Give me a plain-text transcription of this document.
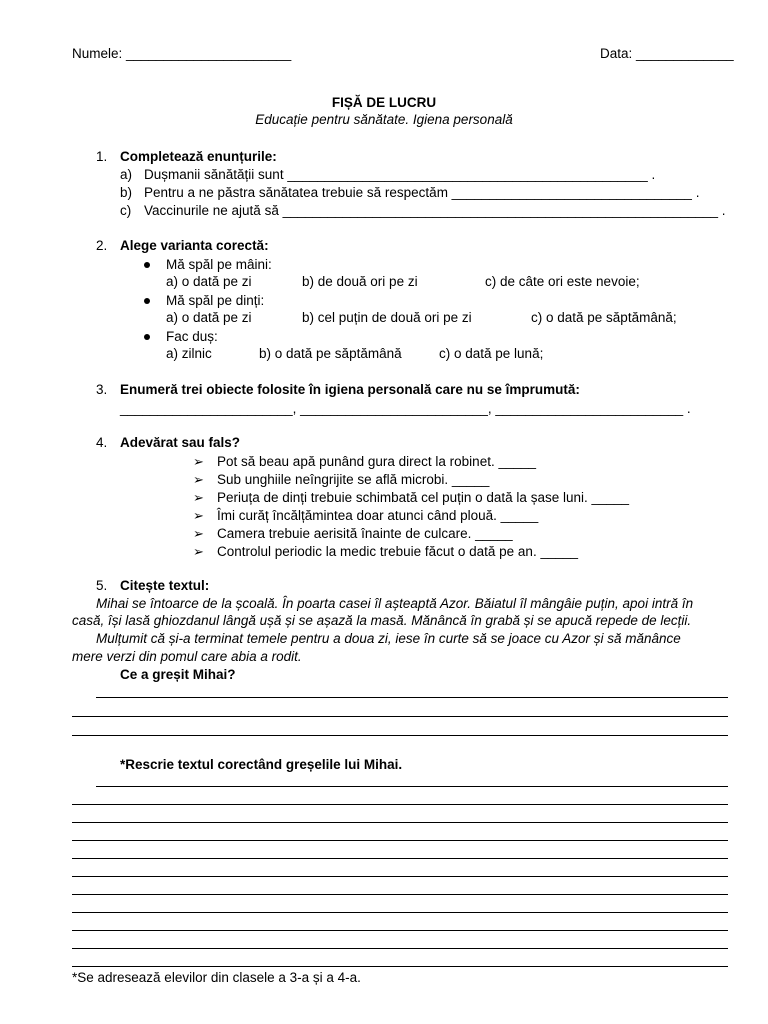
Numele: ______________________	Data: _____________
FIȘĂ DE LUCRU
Educație pentru sănătate. Igiena personală
1. Completează enunțurile:
a) Dușmanii sănătății sunt ________________________________________________ .
b) Pentru a ne păstra sănătatea trebuie să respectăm ________________________________ .
c) Vaccinurile ne ajută să __________________________________________________________ .
2. Alege varianta corectă:
Mă spăl pe mâini:
a) o dată pe zi	b) de două ori pe zi	c) de câte ori este nevoie;
Mă spăl pe dinți:
a) o dată pe zi	b) cel puțin de două ori pe zi	c) o dată pe săptămână;
Fac duș:
a) zilnic	b) o dată pe săptămână	c) o dată pe lună;
3. Enumeră trei obiecte folosite în igiena personală care nu se împrumută:
_______________________, _________________________, _________________________ .
4. Adevărat sau fals?
➢ Pot să beau apă punând gura direct la robinet. _____
➢ Sub unghiile neîngrijite se află microbi. _____
➢ Periuța de dinți trebuie schimbată cel puțin o dată la șase luni. _____
➢ Îmi curăț încălțămintea doar atunci când plouă. _____
➢ Camera trebuie aerisită înainte de culcare. _____
➢ Controlul periodic la medic trebuie făcut o dată pe an. _____
5. Citește textul:
Mihai se întoarce de la școală. În poarta casei îl așteaptă Azor. Băiatul îl mângâie puțin, apoi intră în
casă, își lasă ghiozdanul lângă ușă și se așază la masă. Mănâncă în grabă și se apucă repede de lecții.
Mulțumit că și-a terminat temele pentru a doua zi, iese în curte să se joace cu Azor și să mănânce
mere verzi din pomul care abia a rodit.
Ce a greșit Mihai?
*Rescrie textul corectând greșelile lui Mihai.
*Se adresează elevilor din clasele a 3-a și a 4-a.
